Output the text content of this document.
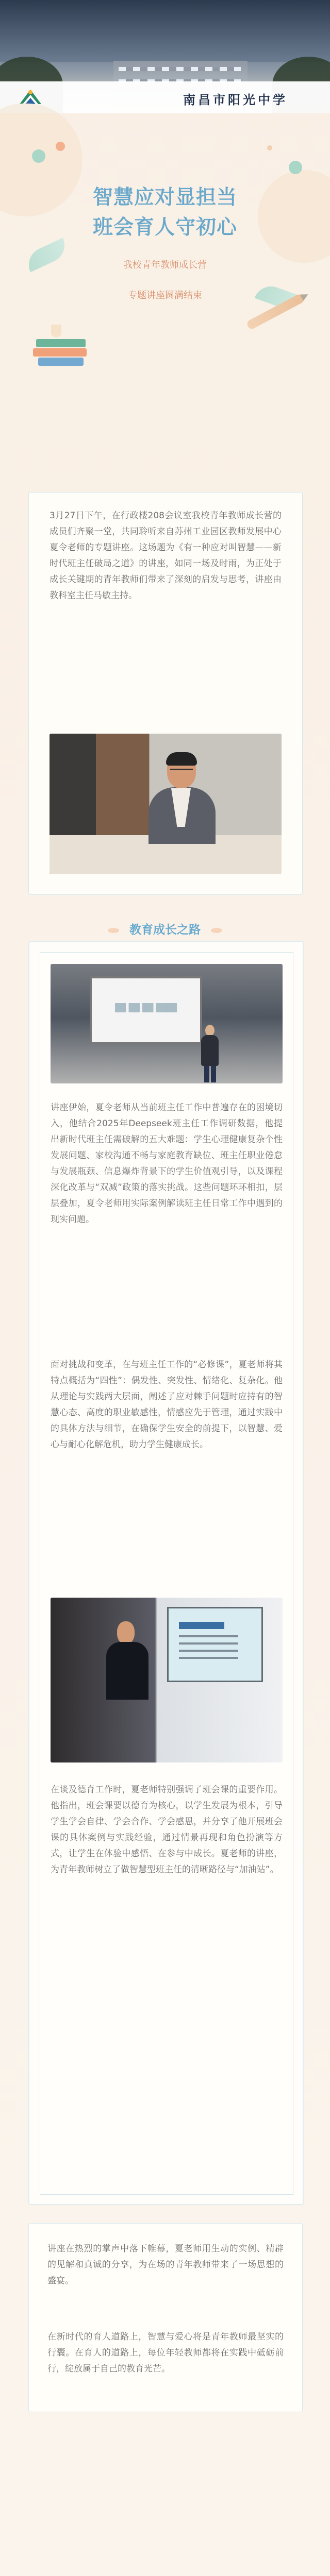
南昌市阳光中学
智慧应对显担当
班会育人守初心
我校青年教师成长营
专题讲座圆满结束
3月27日下午，在行政楼208会议室我校青年教师成长营的成员们齐聚一堂，共同聆听来自苏州工业园区教师发展中心夏令老师的专题讲座。这场题为《有一种应对叫智慧——新时代班主任破局之道》的讲座，如同一场及时雨，为正处于成长关键期的青年教师们带来了深刻的启发与思考，讲座由教科室主任马敏主持。
教育成长之路
讲座伊始，夏令老师从当前班主任工作中普遍存在的困境切入，他结合2025年Deepseek班主任工作调研数据，他提出新时代班主任需破解的五大难题：学生心理健康复杂个性发展问题、家校沟通不畅与家庭教育缺位、班主任职业倦怠与发展瓶颈、信息爆炸背景下的学生价值观引导，以及课程深化改革与“双减”政策的落实挑战。这些问题环环相扣，层层叠加，夏令老师用实际案例解读班主任日常工作中遇到的现实问题。
面对挑战和变革，在与班主任工作的“必修课”，夏老师将其特点概括为“四性”：偶发性、突发性、情绪化、复杂化。他从理论与实践两大层面，阐述了应对棘手问题时应持有的智慧心态、高度的职业敏感性，情感应先于管理，通过实践中的具体方法与细节，在确保学生安全的前提下，以智慧、爱心与耐心化解危机，助力学生健康成长。
在谈及德育工作时，夏老师特别强调了班会课的重要作用。他指出，班会课要以德育为核心，以学生发展为根本，引导学生学会自律、学会合作、学会感恩，并分享了他开展班会课的具体案例与实践经验，通过情景再现和角色扮演等方式，让学生在体验中感悟、在参与中成长。夏老师的讲座，为青年教师树立了做智慧型班主任的清晰路径与“加油站”。
讲座在热烈的掌声中落下帷幕，夏老师用生动的实例、精辟的见解和真诚的分享，为在场的青年教师带来了一场思想的盛宴。
在新时代的育人道路上，智慧与爱心将是青年教师最坚实的行囊。在育人的道路上，每位年轻教师都将在实践中砥砺前行，绽放属于自己的教育光芒。
